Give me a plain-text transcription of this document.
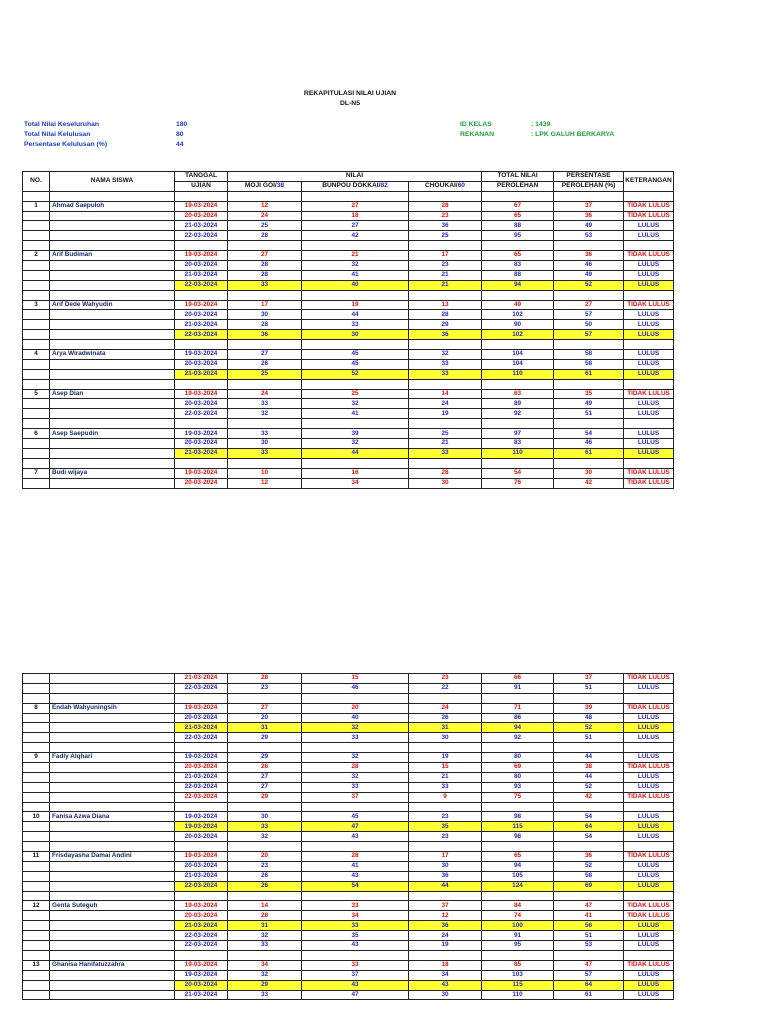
REKAPITULASI NILAI UJIAN
DL-N5
Total Nilai Keseluruhan	180
Total Nilai Kelulusan	80
Persentase Kelulusan (%)	44
ID KELAS	: 1439
REKANAN	: LPK GALUH BERKARYA
NO.	NAMA SISWA	TANGGAL	NILAI			TOTAL NILAI	PERSENTASE	KETERANGAN
		UJIAN	MOJI GOI/38	BUNPOU DOKKAI/82	CHOUKAI/60	PEROLEHAN	PEROLEHAN (%)	

1	Ahmad Saepuloh	19-03-2024	12	27	28	67	37	TIDAK LULUS
		20-03-2024	24	18	23	65	36	TIDAK LULUS
		21-03-2024	25	27	36	88	49	LULUS
		22-03-2024	28	42	25	95	53	LULUS

2	Arif Budiman	19-03-2024	27	21	17	65	36	TIDAK LULUS
		20-03-2024	28	32	23	83	46	LULUS
		21-03-2024	28	41	21	88	49	LULUS
		22-03-2024	33	40	21	94	52	LULUS

3	Arif Dede Wahyudin	19-03-2024	17	19	13	49	27	TIDAK LULUS
		20-03-2024	30	44	28	102	57	LULUS
		21-03-2024	28	33	29	90	50	LULUS
		22-03-2024	36	30	36	102	57	LULUS

4	Arya Wiradwinata	19-03-2024	27	45	32	104	58	LULUS
		20-03-2024	26	45	33	104	58	LULUS
		21-03-2024	25	52	33	110	61	LULUS

5	Asep Dian	19-03-2024	24	25	14	63	35	TIDAK LULUS
		20-03-2024	33	32	24	89	49	LULUS
		22-03-2024	32	41	19	92	51	LULUS

6	Asep Saepudin	19-03-2024	33	39	25	97	54	LULUS
		20-03-2024	30	32	21	83	46	LULUS
		21-03-2024	33	44	33	110	61	LULUS

7	Budi wijaya	19-03-2024	10	16	28	54	30	TIDAK LULUS
		20-03-2024	12	34	30	76	42	TIDAK LULUS
		21-03-2024	28	15	23	66	37	TIDAK LULUS
		22-03-2024	23	46	22	91	51	LULUS

8	Endah Wahyuningsih	19-03-2024	27	20	24	71	39	TIDAK LULUS
		20-03-2024	20	40	26	86	48	LULUS
		21-03-2024	31	32	31	94	52	LULUS
		22-03-2024	29	33	30	92	51	LULUS

9	Fadly Alqhari	19-03-2024	29	32	19	80	44	LULUS
		20-03-2024	26	28	15	69	38	TIDAK LULUS
		21-03-2024	27	32	21	80	44	LULUS
		22-03-2024	27	33	33	93	52	LULUS
		22-03-2024	29	37	9	75	42	TIDAK LULUS

10	Fanisa Azwa Diana	19-03-2024	30	45	23	98	54	LULUS
		19-03-2024	33	47	35	115	64	LULUS
		20-03-2024	32	43	23	98	54	LULUS

11	Frisdayasha Damai Andini	19-03-2024	20	28	17	65	36	TIDAK LULUS
		20-03-2024	23	41	30	94	52	LULUS
		21-03-2024	26	43	36	105	58	LULUS
		22-03-2024	26	54	44	124	69	LULUS

12	Genta Suteguh	19-03-2024	14	33	37	84	47	TIDAK LULUS
		20-03-2024	28	34	12	74	41	TIDAK LULUS
		21-03-2024	31	33	36	100	56	LULUS
		22-03-2024	32	35	24	91	51	LULUS
		22-03-2024	33	43	19	95	53	LULUS

13	Ghanisa Hanifatuzzahra	19-03-2024	34	33	18	85	47	TIDAK LULUS
		19-03-2024	32	37	34	103	57	LULUS
		20-03-2024	29	43	43	115	64	LULUS
		21-03-2024	33	47	30	110	61	LULUS
